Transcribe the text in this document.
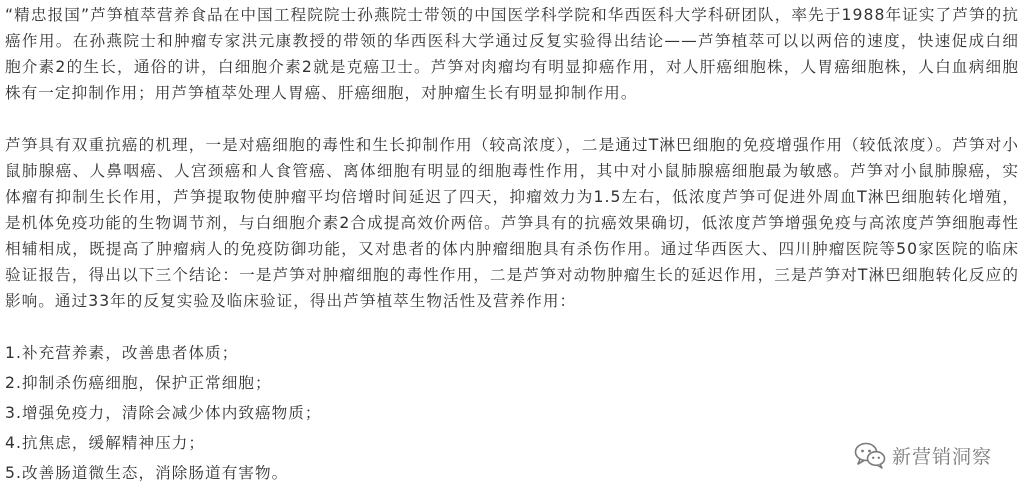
“精忠报国”芦笋植萃营养食品在中国工程院院士孙燕院士带领的中国医学科学院和华西医科大学科研团队，率先于1988年证实了芦笋的抗癌作用。在孙燕院士和肿瘤专家洪元康教授的带领的华西医科大学通过反复实验得出结论——芦笋植萃可以以两倍的速度，快速促成白细胞介素2的生长，通俗的讲，白细胞介素2就是克癌卫士。芦笋对肉瘤均有明显抑癌作用，对人肝癌细胞株，人胃癌细胞株，人白血病细胞株有一定抑制作用；用芦笋植萃处理人胃癌、肝癌细胞，对肿瘤生长有明显抑制作用。

芦笋具有双重抗癌的机理，一是对癌细胞的毒性和生长抑制作用（较高浓度），二是通过T淋巴细胞的免疫增强作用（较低浓度）。芦笋对小鼠肺腺癌、人鼻咽癌、人宫颈癌和人食管癌、离体细胞有明显的细胞毒性作用，其中对小鼠肺腺癌细胞最为敏感。芦笋对小鼠肺腺癌，实体瘤有抑制生长作用，芦笋提取物使肿瘤平均倍增时间延迟了四天，抑瘤效力为1.5左右，低浓度芦笋可促进外周血T淋巴细胞转化增殖，是机体免疫功能的生物调节剂，与白细胞介素2合成提高效价两倍。芦笋具有的抗癌效果确切，低浓度芦笋增强免疫与高浓度芦笋细胞毒性相辅相成，既提高了肿瘤病人的免疫防御功能，又对患者的体内肿瘤细胞具有杀伤作用。通过华西医大、四川肿瘤医院等50家医院的临床验证报告，得出以下三个结论：一是芦笋对肿瘤细胞的毒性作用，二是芦笋对动物肿瘤生长的延迟作用，三是芦笋对T淋巴细胞转化反应的影响。通过33年的反复实验及临床验证，得出芦笋植萃生物活性及营养作用：

1.补充营养素，改善患者体质；

2.抑制杀伤癌细胞，保护正常细胞；

3.增强免疫力，清除会减少体内致癌物质；

4.抗焦虑，缓解精神压力；

5.改善肠道微生态，消除肠道有害物。

新营销洞察
